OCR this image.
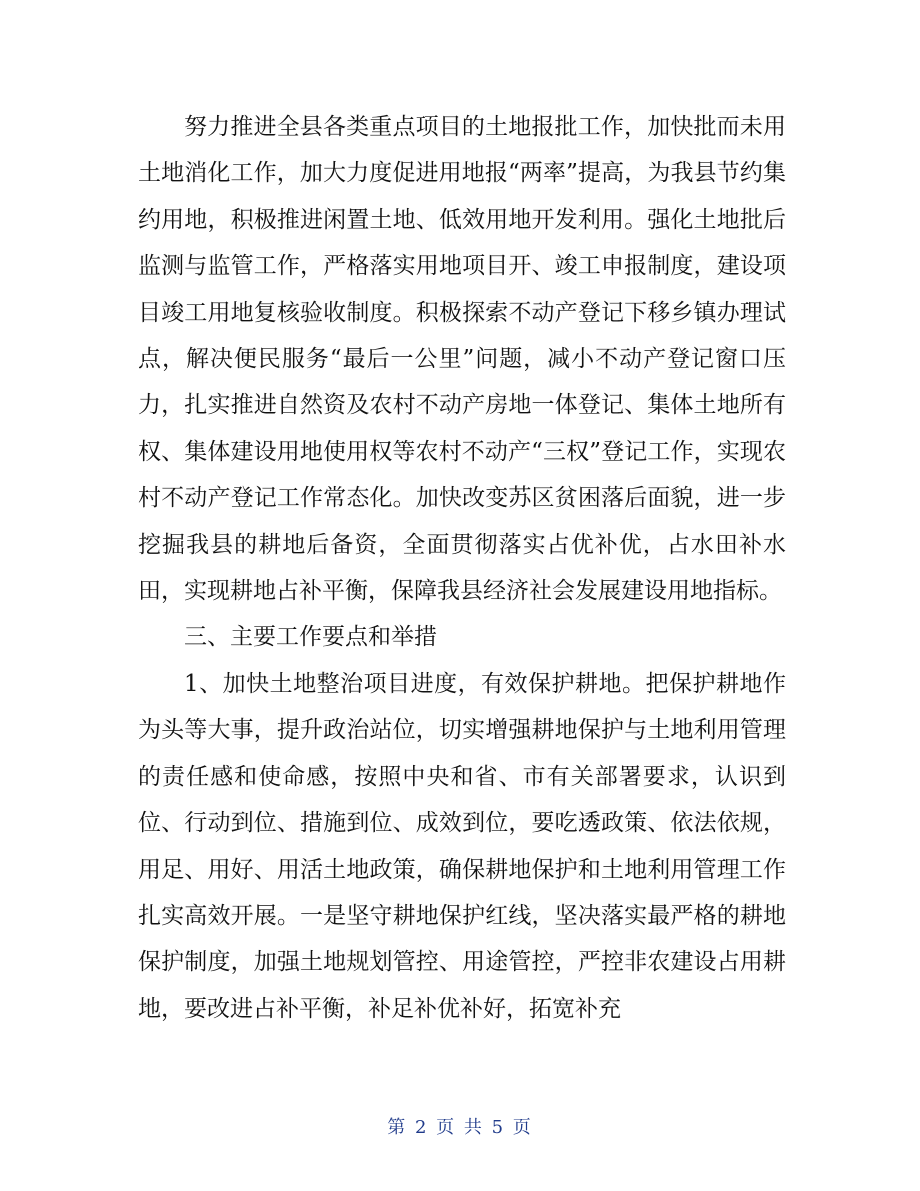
努力推进全县各类重点项目的土地报批工作，加快批而未用土地消化工作，加大力度促进用地报“两率”提高，为我县节约集约用地，积极推进闲置土地、低效用地开发利用。强化土地批后监测与监管工作，严格落实用地项目开、竣工申报制度，建设项目竣工用地复核验收制度。积极探索不动产登记下移乡镇办理试点，解决便民服务“最后一公里”问题，减小不动产登记窗口压力，扎实推进自然资及农村不动产房地一体登记、集体土地所有权、集体建设用地使用权等农村不动产“三权”登记工作，实现农村不动产登记工作常态化。加快改变苏区贫困落后面貌，进一步挖掘我县的耕地后备资，全面贯彻落实占优补优，占水田补水田，实现耕地占补平衡，保障我县经济社会发展建设用地指标。

三、主要工作要点和举措

1、加快土地整治项目进度，有效保护耕地。把保护耕地作为头等大事，提升政治站位，切实增强耕地保护与土地利用管理的责任感和使命感，按照中央和省、市有关部署要求，认识到位、行动到位、措施到位、成效到位，要吃透政策、依法依规，用足、用好、用活土地政策，确保耕地保护和土地利用管理工作扎实高效开展。一是坚守耕地保护红线，坚决落实最严格的耕地保护制度，加强土地规划管控、用途管控，严控非农建设占用耕地，要改进占补平衡，补足补优补好，拓宽补充

第 2 页 共 5 页
